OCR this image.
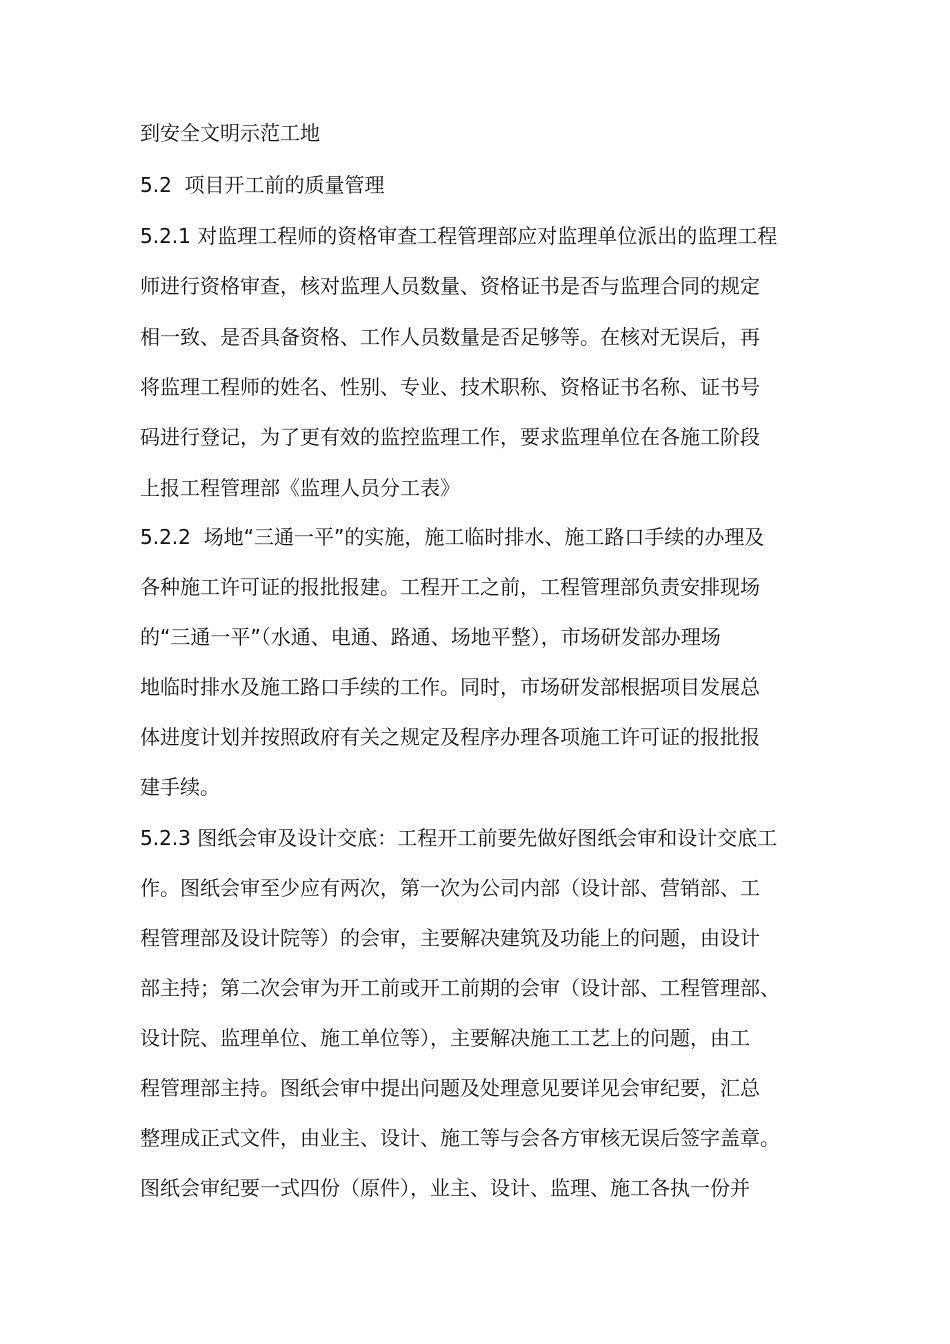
到安全文明示范工地
5.2  项目开工前的质量管理
5.2.1 对监理工程师的资格审查工程管理部应对监理单位派出的监理工程
师进行资格审查，核对监理人员数量、资格证书是否与监理合同的规定
相一致、是否具备资格、工作人员数量是否足够等。在核对无误后，再
将监理工程师的姓名、性别、专业、技术职称、资格证书名称、证书号
码进行登记，为了更有效的监控监理工作，要求监理单位在各施工阶段
上报工程管理部《监理人员分工表》
5.2.2  场地“三通一平”的实施，施工临时排水、施工路口手续的办理及
各种施工许可证的报批报建。工程开工之前，工程管理部负责安排现场
的“三通一平”（水通、电通、路通、场地平整），市场研发部办理场
地临时排水及施工路口手续的工作。同时，市场研发部根据项目发展总
体进度计划并按照政府有关之规定及程序办理各项施工许可证的报批报
建手续。
5.2.3 图纸会审及设计交底：工程开工前要先做好图纸会审和设计交底工
作。图纸会审至少应有两次，第一次为公司内部（设计部、营销部、工
程管理部及设计院等）的会审，主要解决建筑及功能上的问题，由设计
部主持；第二次会审为开工前或开工前期的会审（设计部、工程管理部、
设计院、监理单位、施工单位等），主要解决施工工艺上的问题，由工
程管理部主持。图纸会审中提出问题及处理意见要详见会审纪要，汇总
整理成正式文件，由业主、设计、施工等与会各方审核无误后签字盖章。
图纸会审纪要一式四份（原件），业主、设计、监理、施工各执一份并
